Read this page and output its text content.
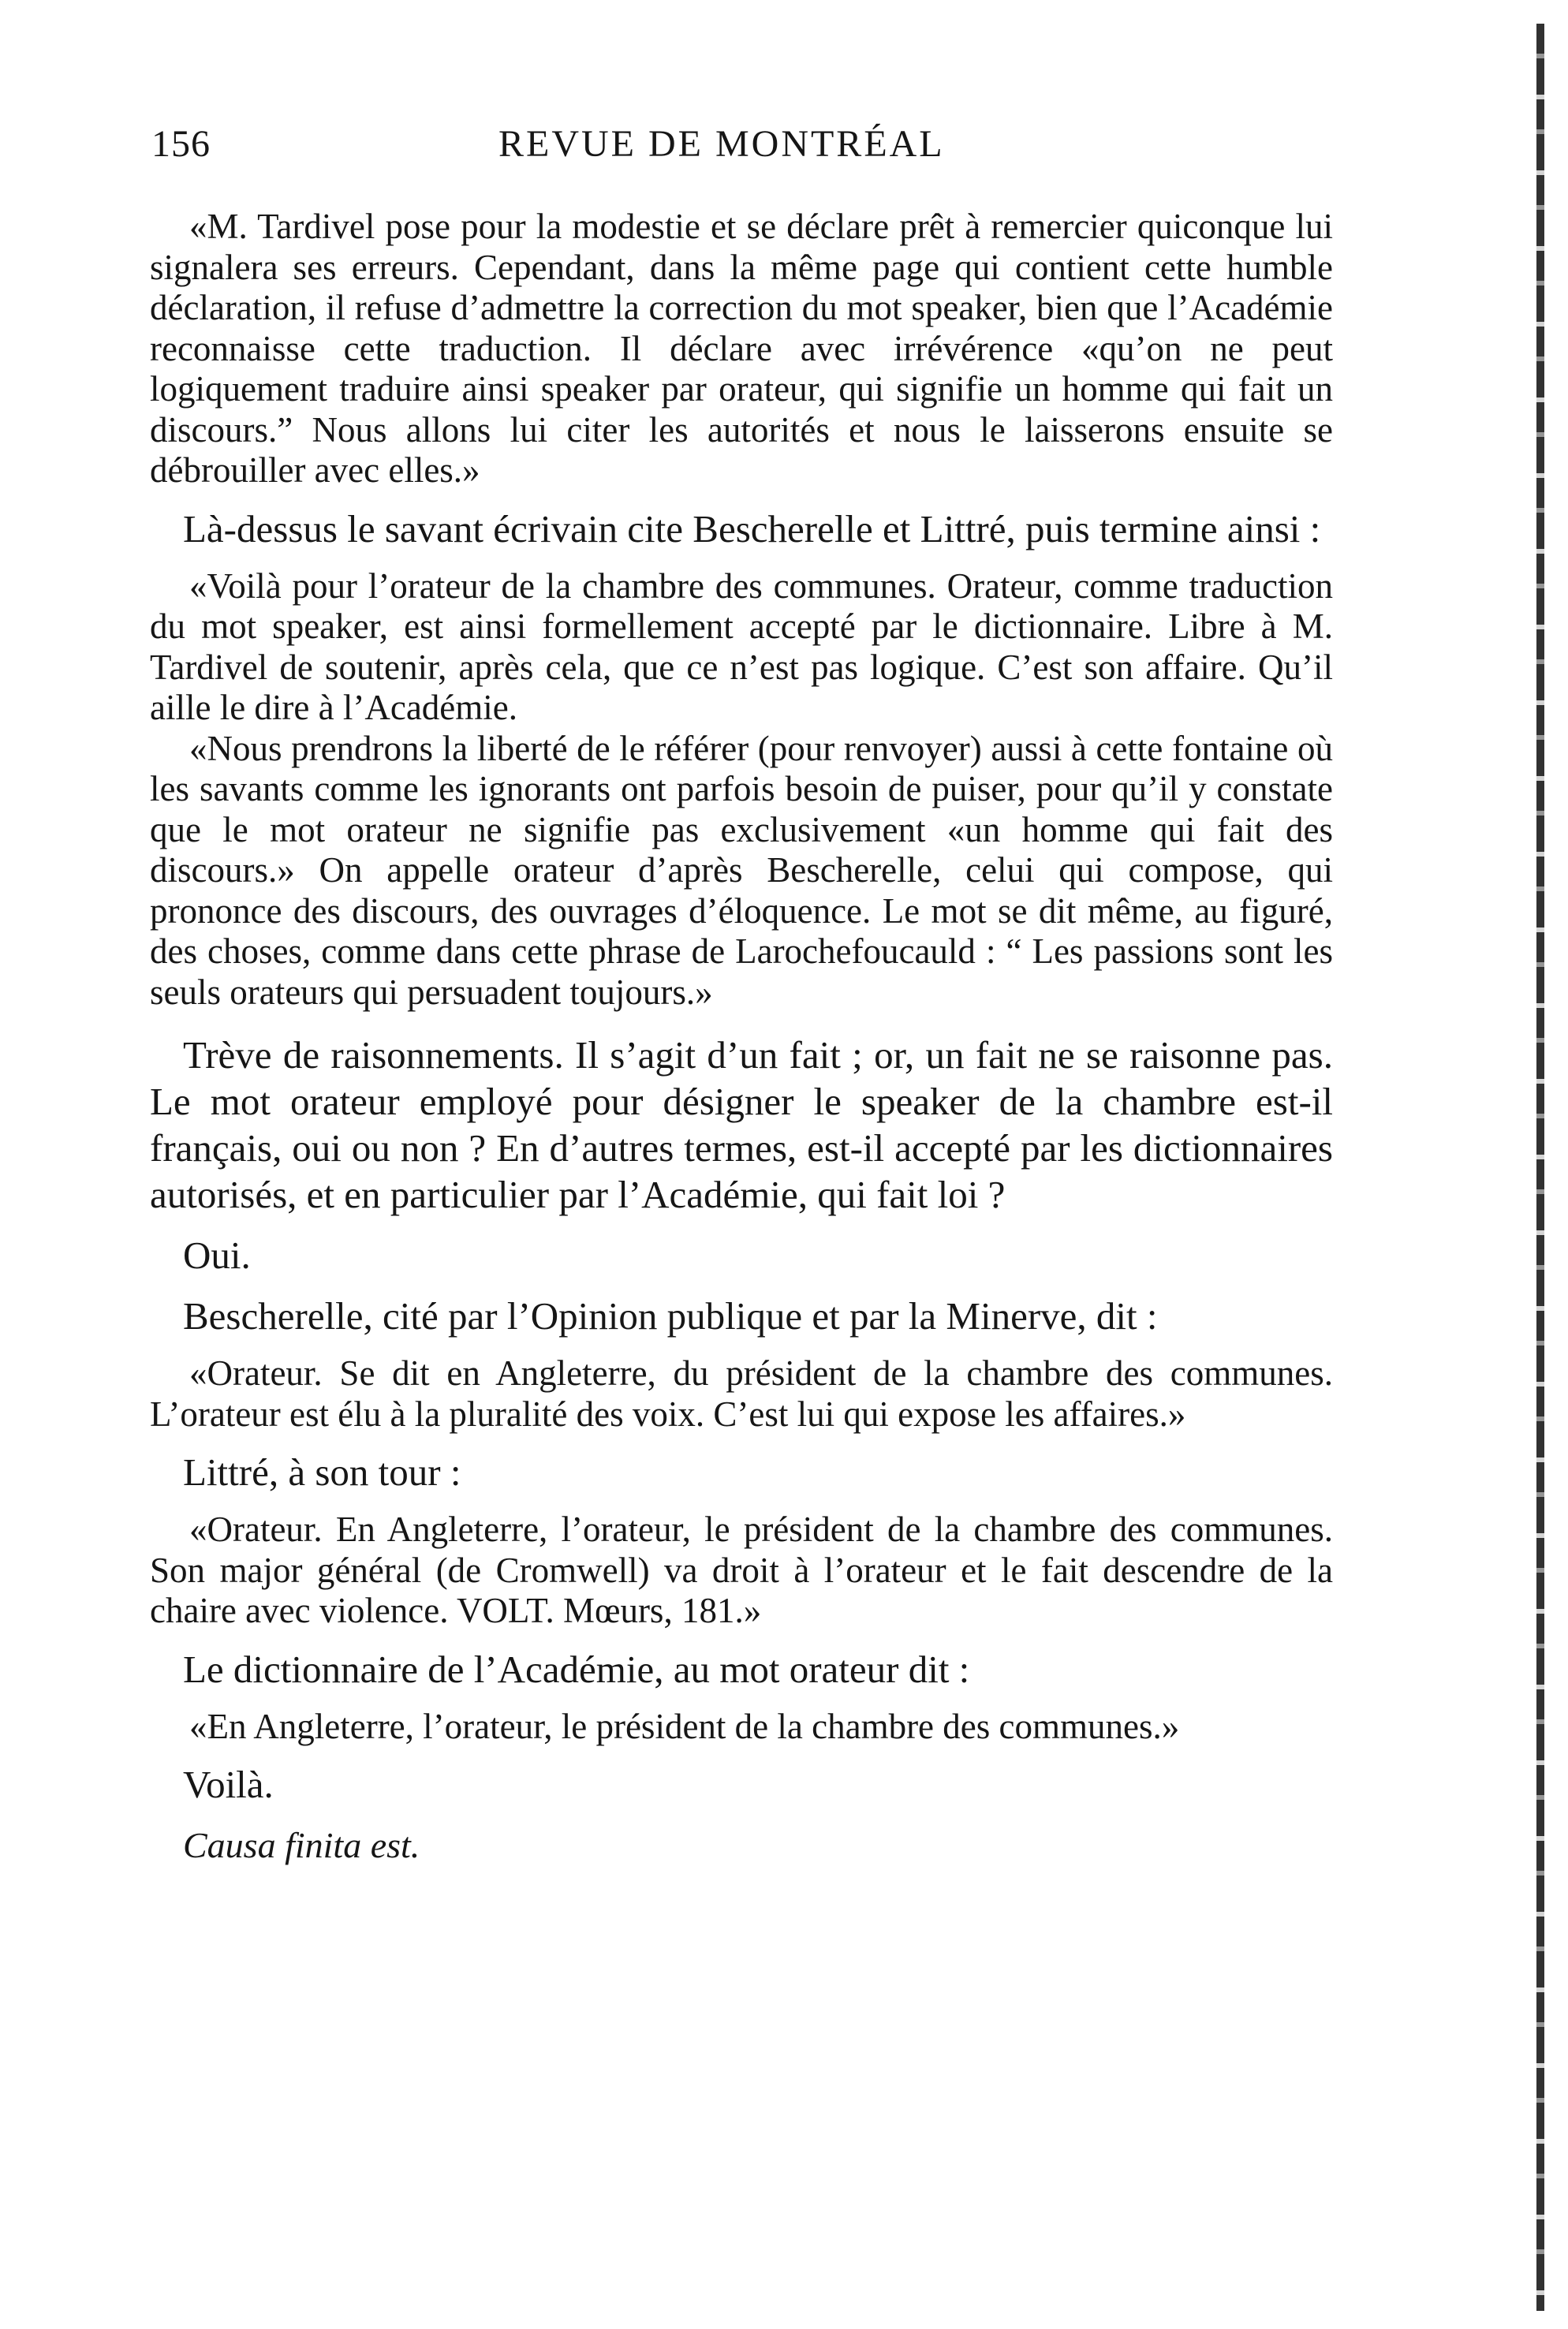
156	REVUE DE MONTRÉAL

«M. Tardivel pose pour la modestie et se déclare prêt à remercier quiconque lui signalera ses erreurs. Cependant, dans la même page qui contient cette humble déclaration, il refuse d’admettre la correction du mot speaker, bien que l’Académie reconnaisse cette traduction. Il déclare avec irrévérence «qu’on ne peut logiquement traduire ainsi speaker par orateur, qui signifie un homme qui fait un discours.” Nous allons lui citer les autorités et nous le laisserons ensuite se débrouiller avec elles.»

Là-dessus le savant écrivain cite Bescherelle et Littré, puis termine ainsi :

«Voilà pour l’orateur de la chambre des communes. Orateur, comme traduction du mot speaker, est ainsi formellement accepté par le dictionnaire. Libre à M. Tardivel de soutenir, après cela, que ce n’est pas logique. C’est son affaire. Qu’il aille le dire à l’Académie.

«Nous prendrons la liberté de le référer (pour renvoyer) aussi à cette fontaine où les savants comme les ignorants ont parfois besoin de puiser, pour qu’il y constate que le mot orateur ne signifie pas exclusivement «un homme qui fait des discours.» On appelle orateur d’après Bescherelle, celui qui compose, qui prononce des discours, des ouvrages d’éloquence. Le mot se dit même, au figuré, des choses, comme dans cette phrase de Larochefoucauld : “ Les passions sont les seuls orateurs qui persuadent toujours.»

Trève de raisonnements. Il s’agit d’un fait ; or, un fait ne se raisonne pas. Le mot orateur employé pour désigner le speaker de la chambre est-il français, oui ou non ? En d’autres termes, est-il accepté par les dictionnaires autorisés, et en particulier par l’Académie, qui fait loi ?

Oui.

Bescherelle, cité par l’Opinion publique et par la Minerve, dit :

«Orateur. Se dit en Angleterre, du président de la chambre des communes. L’orateur est élu à la pluralité des voix. C’est lui qui expose les affaires.»

Littré, à son tour :

«Orateur. En Angleterre, l’orateur, le président de la chambre des communes. Son major général (de Cromwell) va droit à l’orateur et le fait descendre de la chaire avec violence. VOLT. Mœurs, 181.»

Le dictionnaire de l’Académie, au mot orateur dit :

«En Angleterre, l’orateur, le président de la chambre des communes.»

Voilà.

Causa finita est.
